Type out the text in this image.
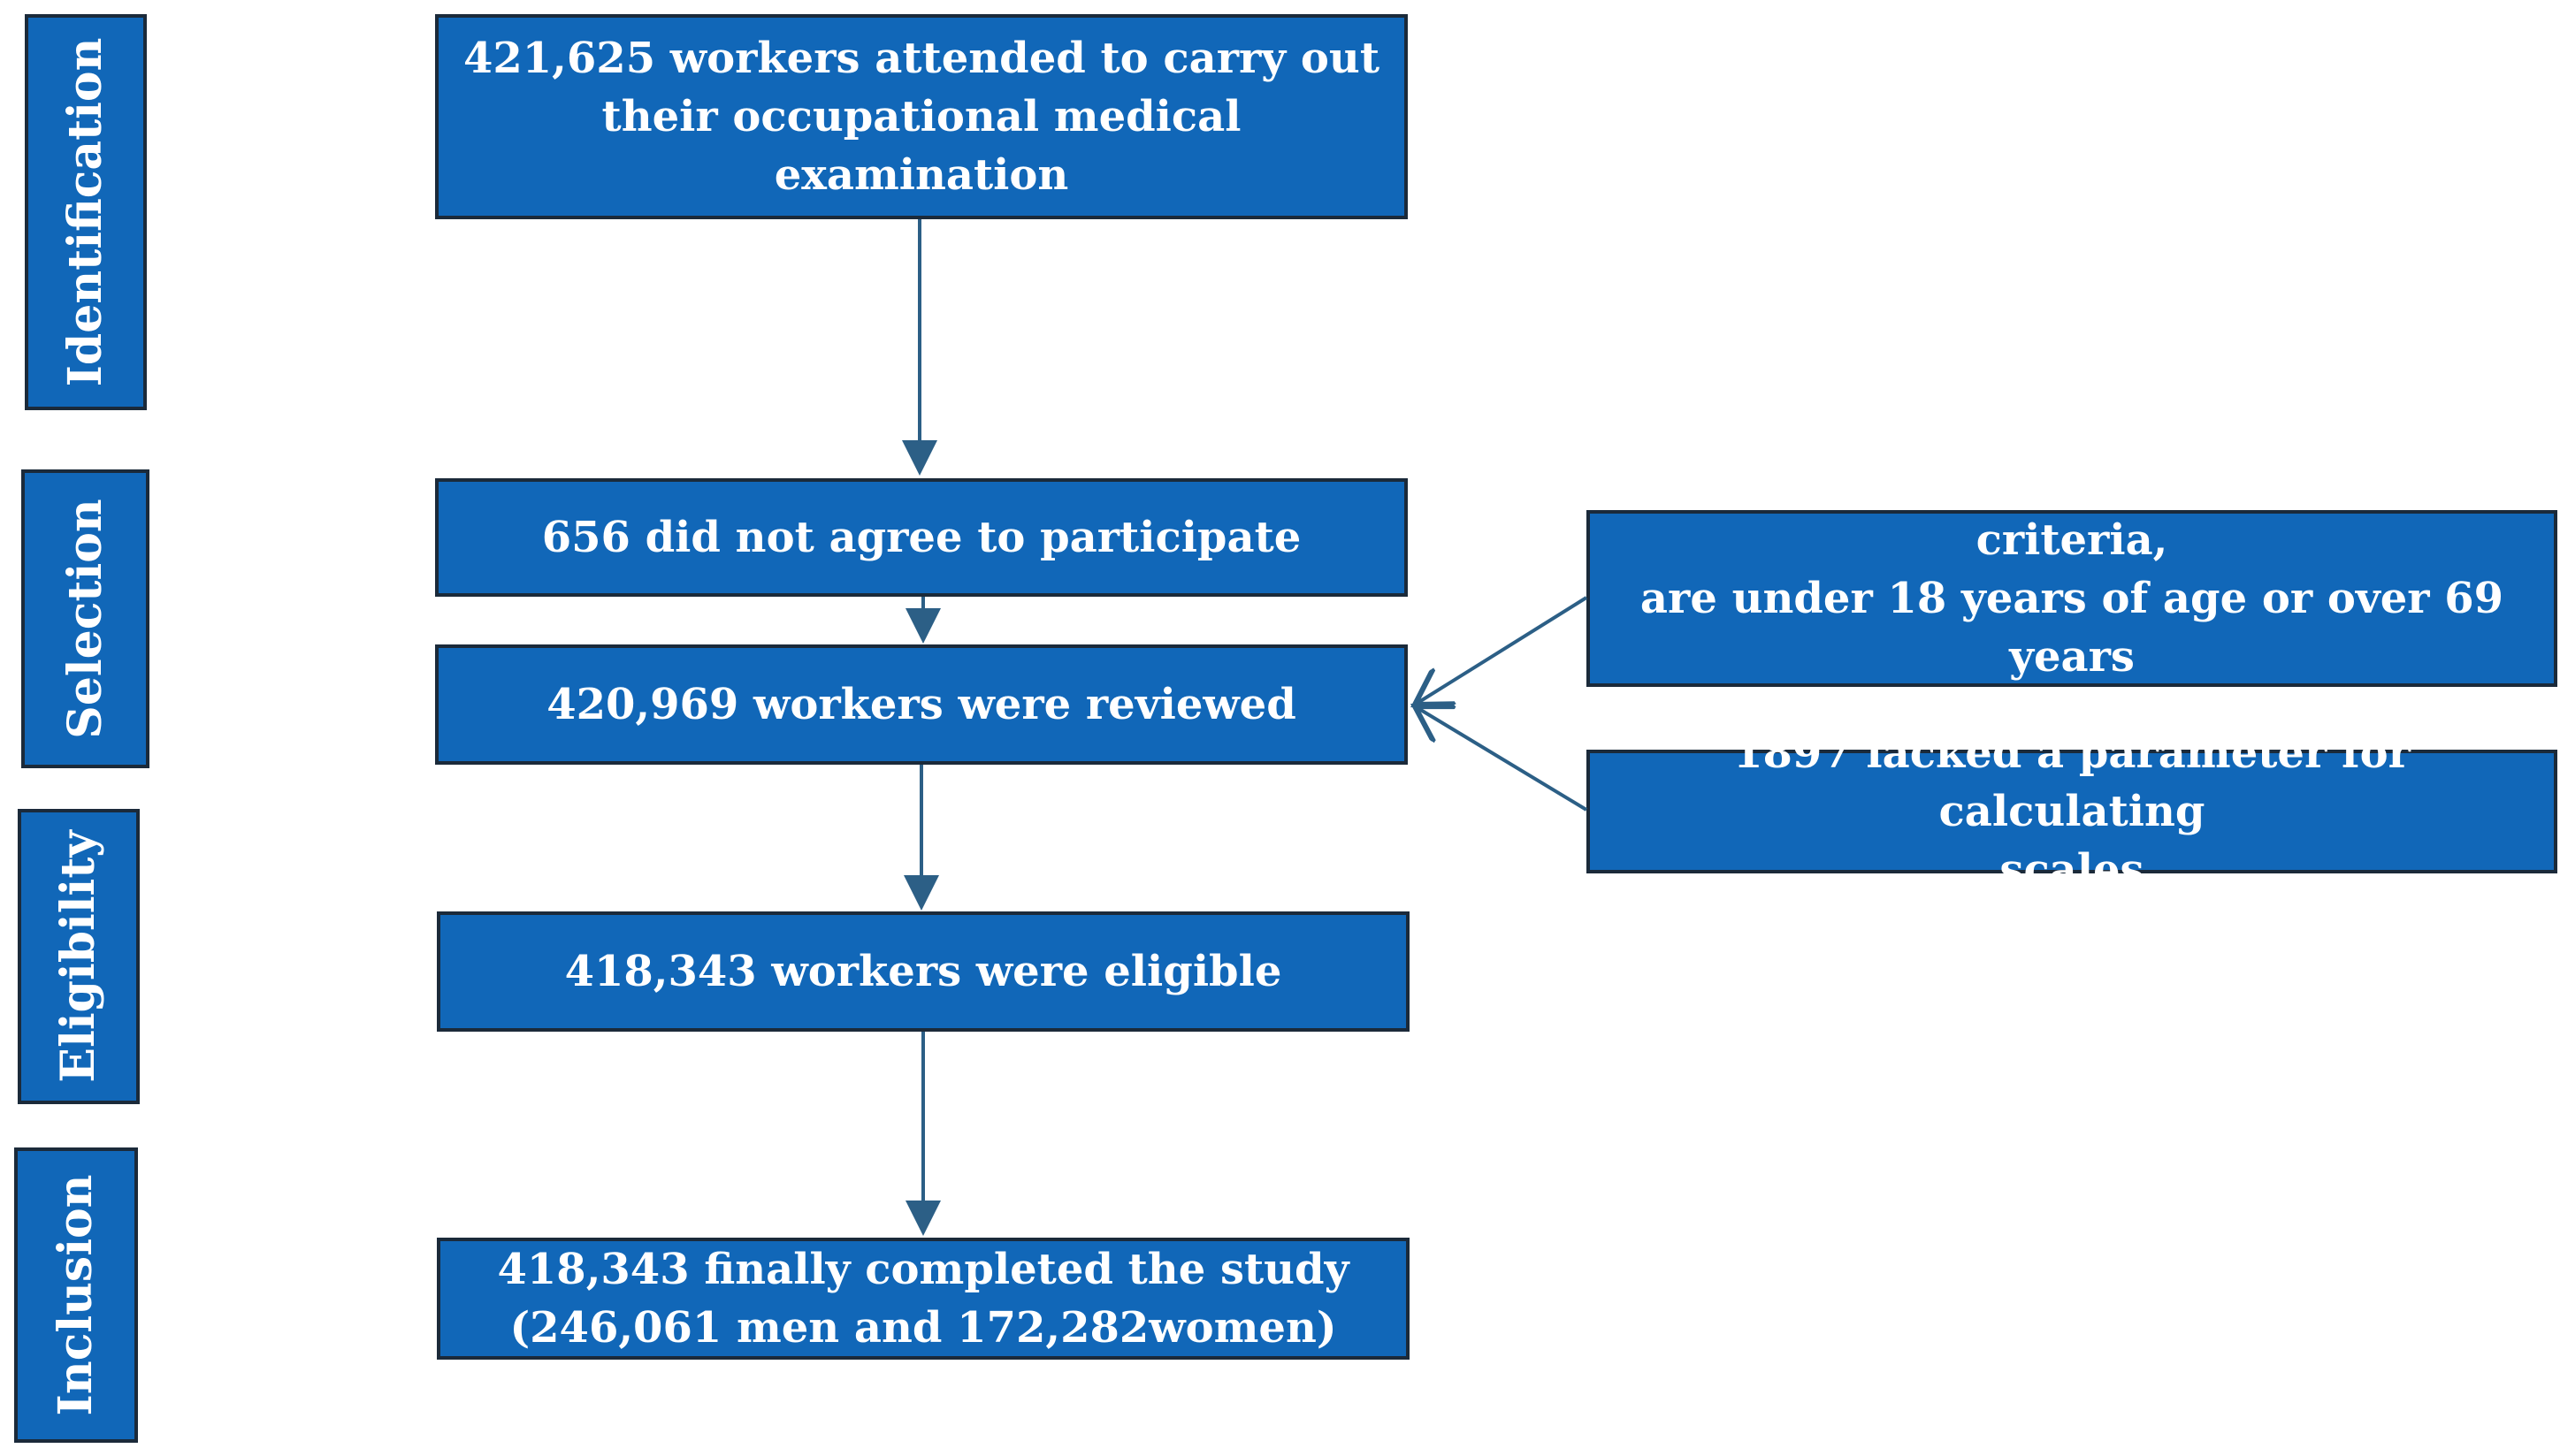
Identification
Selection
Eligibility
Inclusion
421,625 workers attended to carry out
their occupational medical examination
656 did not agree to participate
420,969 workers were reviewed
418,343 workers were eligible
418,343 finally completed the study
(246,061 men and 172,282women)
729 did not meet the inclusión criteria,
are under 18 years of age or over 69 years
of age
1897 lacked a parameter for calculating
scales
